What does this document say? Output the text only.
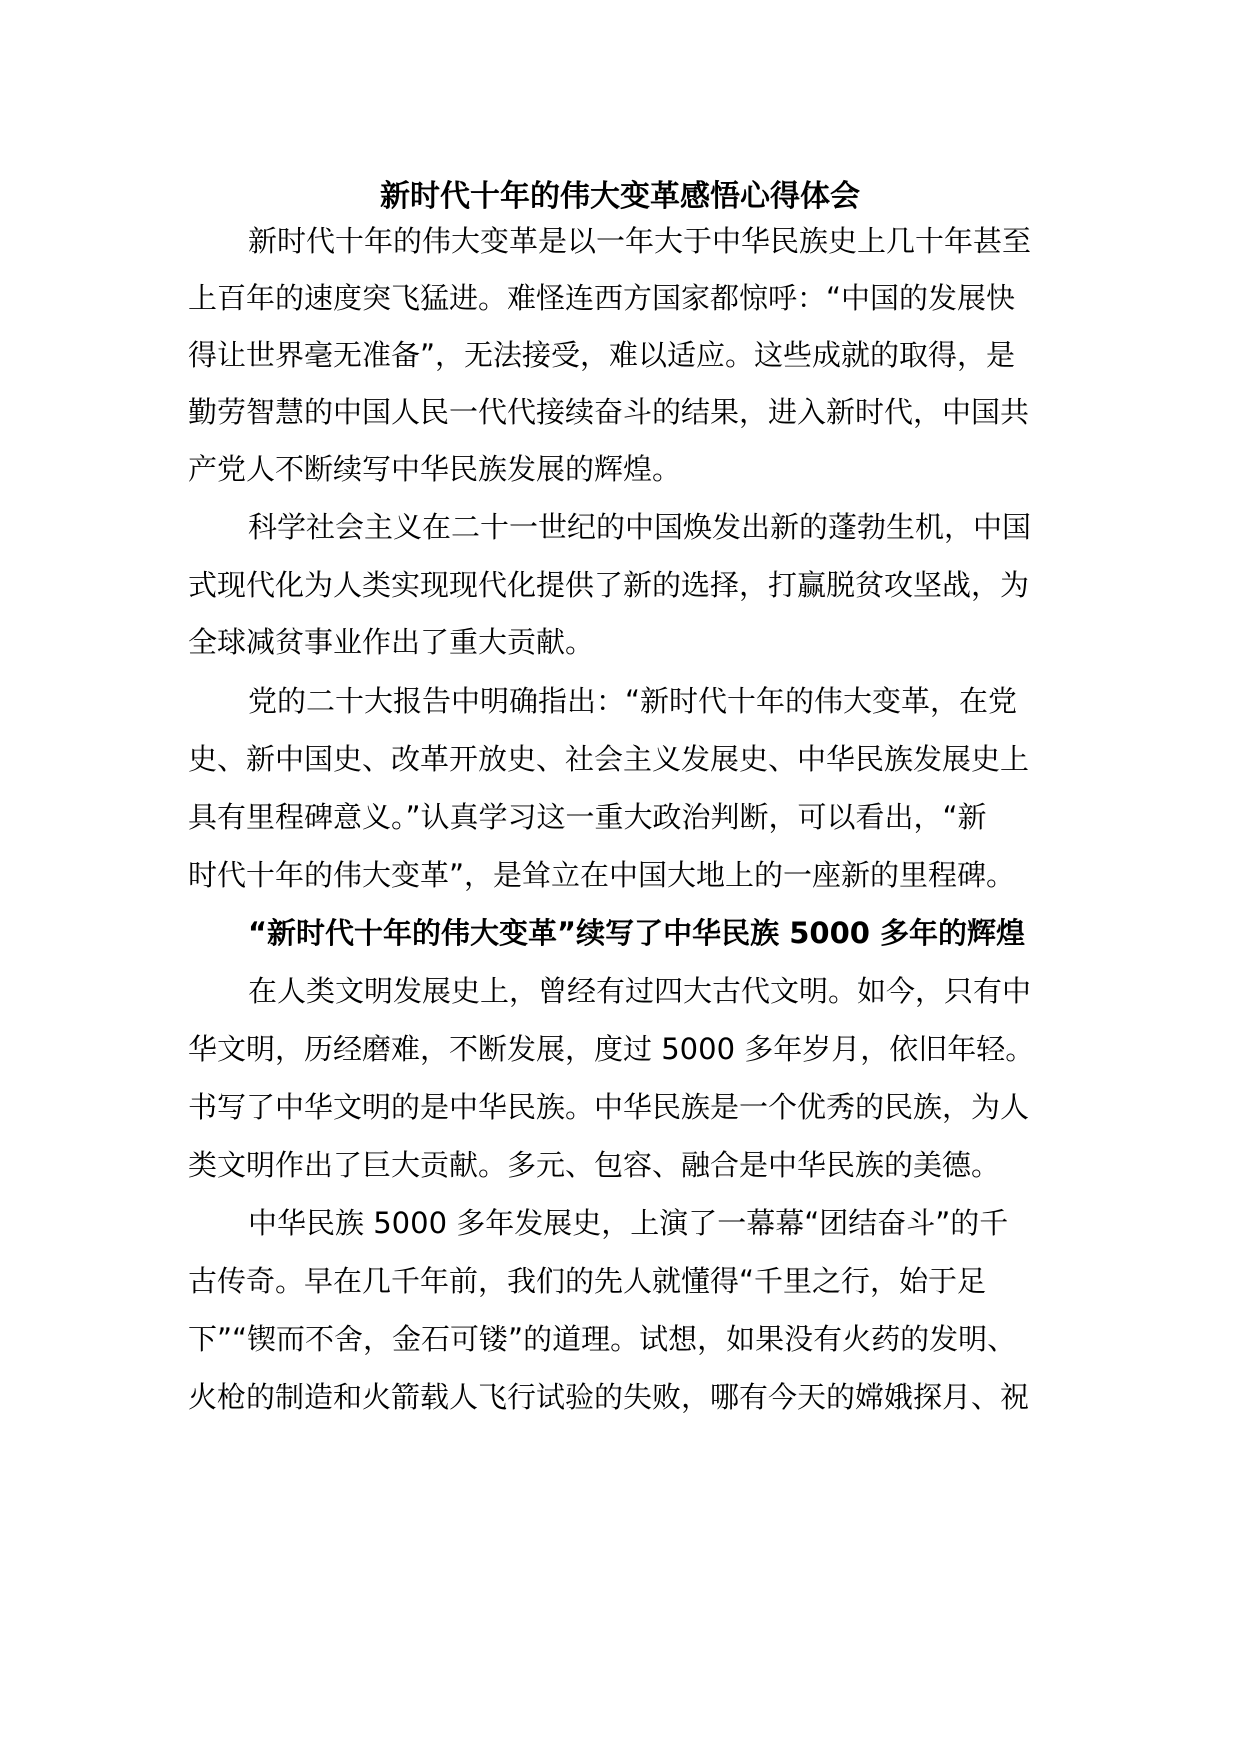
新时代十年的伟大变革感悟心得体会
新时代十年的伟大变革是以一年大于中华民族史上几十年甚至
上百年的速度突飞猛进。难怪连西方国家都惊呼：“中国的发展快
得让世界毫无准备”，无法接受，难以适应。这些成就的取得，是
勤劳智慧的中国人民一代代接续奋斗的结果，进入新时代，中国共
产党人不断续写中华民族发展的辉煌。
科学社会主义在二十一世纪的中国焕发出新的蓬勃生机，中国
式现代化为人类实现现代化提供了新的选择，打赢脱贫攻坚战，为
全球减贫事业作出了重大贡献。
党的二十大报告中明确指出：“新时代十年的伟大变革，在党
史、新中国史、改革开放史、社会主义发展史、中华民族发展史上
具有里程碑意义。”认真学习这一重大政治判断，可以看出，“新
时代十年的伟大变革”，是耸立在中国大地上的一座新的里程碑。
“新时代十年的伟大变革”续写了中华民族 5000 多年的辉煌
在人类文明发展史上，曾经有过四大古代文明。如今，只有中
华文明，历经磨难，不断发展，度过 5000 多年岁月，依旧年轻。
书写了中华文明的是中华民族。中华民族是一个优秀的民族，为人
类文明作出了巨大贡献。多元、包容、融合是中华民族的美德。
中华民族 5000 多年发展史，上演了一幕幕“团结奋斗”的千
古传奇。早在几千年前，我们的先人就懂得“千里之行，始于足
下”“锲而不舍，金石可镂”的道理。试想，如果没有火药的发明、
火枪的制造和火箭载人飞行试验的失败，哪有今天的嫦娥探月、祝
